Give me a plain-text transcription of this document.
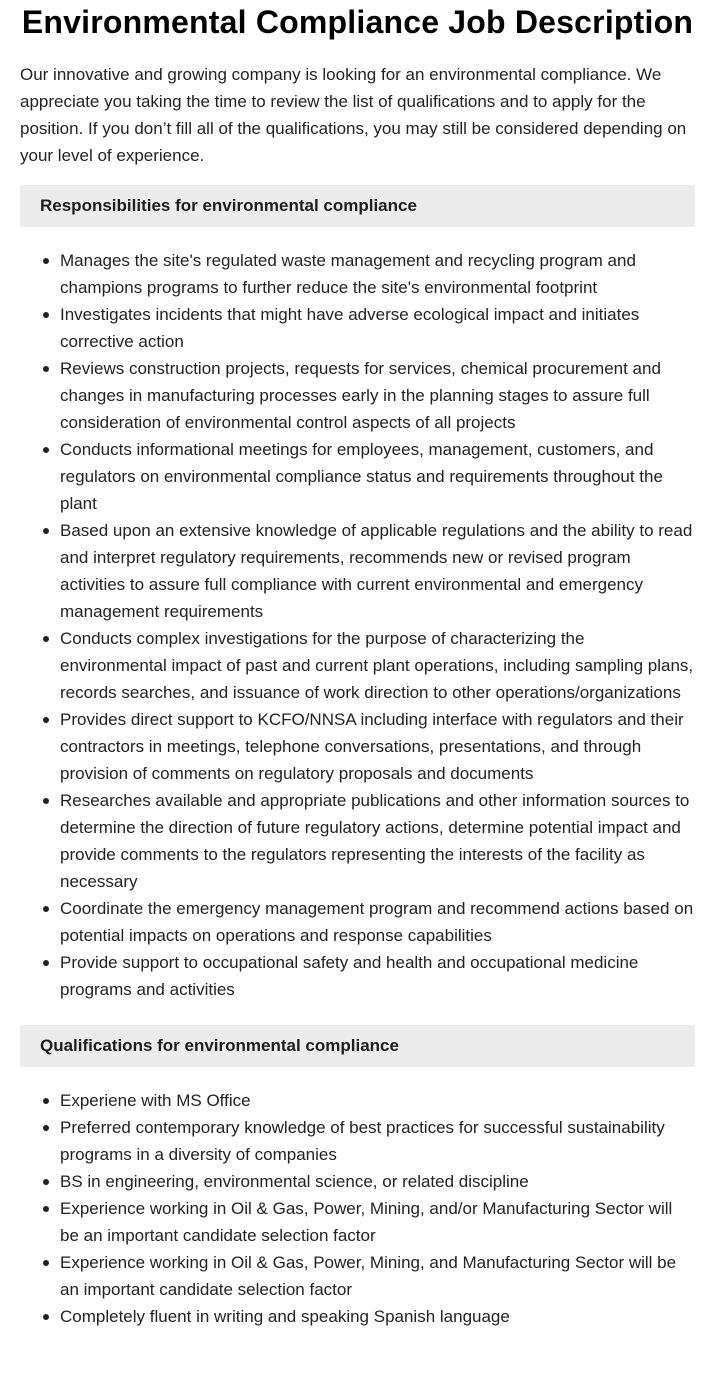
Environmental Compliance Job Description

Our innovative and growing company is looking for an environmental compliance. We appreciate you taking the time to review the list of qualifications and to apply for the position. If you don’t fill all of the qualifications, you may still be considered depending on your level of experience.

Responsibilities for environmental compliance
Manages the site's regulated waste management and recycling program and champions programs to further reduce the site's environmental footprint
Investigates incidents that might have adverse ecological impact and initiates corrective action
Reviews construction projects, requests for services, chemical procurement and changes in manufacturing processes early in the planning stages to assure full consideration of environmental control aspects of all projects
Conducts informational meetings for employees, management, customers, and regulators on environmental compliance status and requirements throughout the plant
Based upon an extensive knowledge of applicable regulations and the ability to read and interpret regulatory requirements, recommends new or revised program activities to assure full compliance with current environmental and emergency management requirements
Conducts complex investigations for the purpose of characterizing the environmental impact of past and current plant operations, including sampling plans, records searches, and issuance of work direction to other operations/organizations
Provides direct support to KCFO/NNSA including interface with regulators and their contractors in meetings, telephone conversations, presentations, and through provision of comments on regulatory proposals and documents
Researches available and appropriate publications and other information sources to determine the direction of future regulatory actions, determine potential impact and provide comments to the regulators representing the interests of the facility as necessary
Coordinate the emergency management program and recommend actions based on potential impacts on operations and response capabilities
Provide support to occupational safety and health and occupational medicine programs and activities
Qualifications for environmental compliance
Experiene with MS Office
Preferred contemporary knowledge of best practices for successful sustainability programs in a diversity of companies
BS in engineering, environmental science, or related discipline
Experience working in Oil & Gas, Power, Mining, and/or Manufacturing Sector will be an important candidate selection factor
Experience working in Oil & Gas, Power, Mining, and Manufacturing Sector will be an important candidate selection factor
Completely fluent in writing and speaking Spanish language
